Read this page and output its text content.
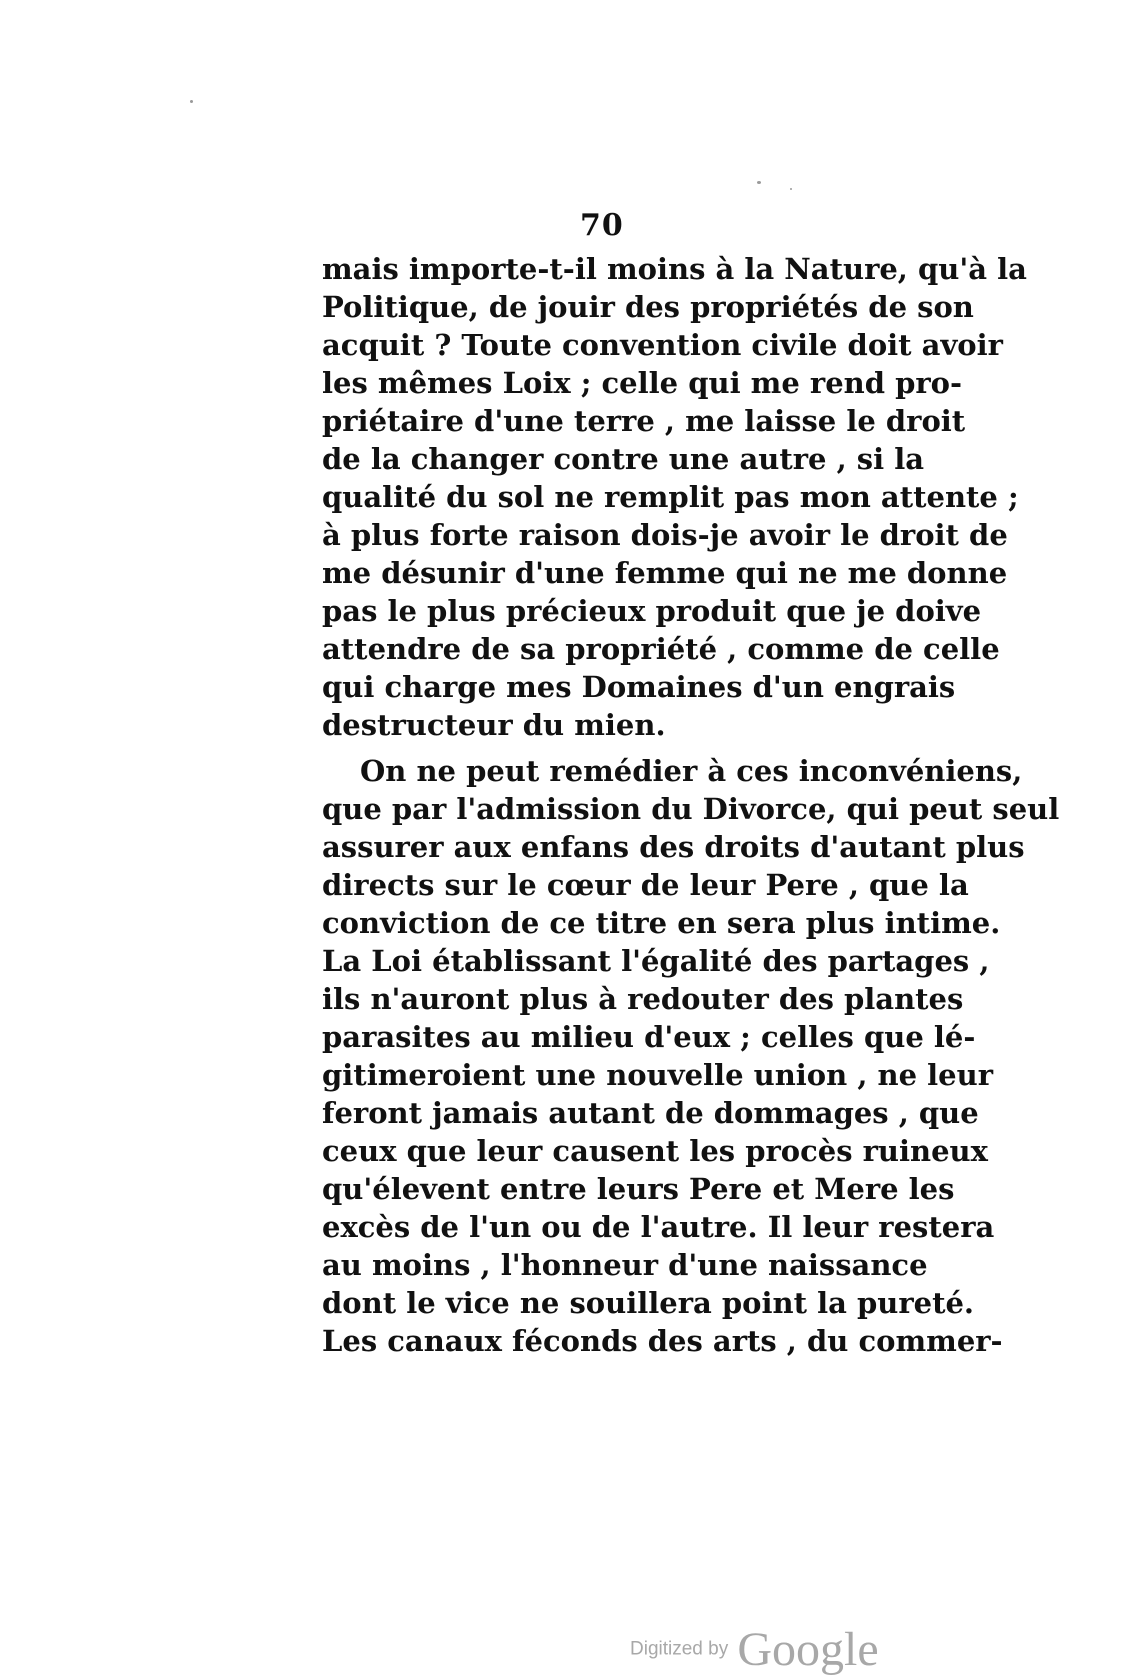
70
mais importe-t-il moins à la Nature, qu'à la
Politique, de jouir des propriétés de son
acquit ? Toute convention civile doit avoir
les mêmes Loix ; celle qui me rend pro-
priétaire d'une terre , me laisse le droit
de la changer contre une autre , si la
qualité du sol ne remplit pas mon attente ;
à plus forte raison dois-je avoir le droit de
me désunir d'une femme qui ne me donne
pas le plus précieux produit que je doive
attendre de sa propriété , comme de celle
qui charge mes Domaines d'un engrais
destructeur du mien.
On ne peut remédier à ces inconvéniens,
que par l'admission du Divorce, qui peut seul
assurer aux enfans des droits d'autant plus
directs sur le cœur de leur Pere , que la
conviction de ce titre en sera plus intime.
La Loi établissant l'égalité des partages ,
ils n'auront plus à redouter des plantes
parasites au milieu d'eux ; celles que lé-
gitimeroient une nouvelle union , ne leur
feront jamais autant de dommages , que
ceux que leur causent les procès ruineux
qu'élevent entre leurs Pere et Mere les
excès de l'un ou de l'autre. Il leur restera
au moins , l'honneur d'une naissance
dont le vice ne souillera point la pureté.
Les canaux féconds des arts , du commer-
Digitized by Google
